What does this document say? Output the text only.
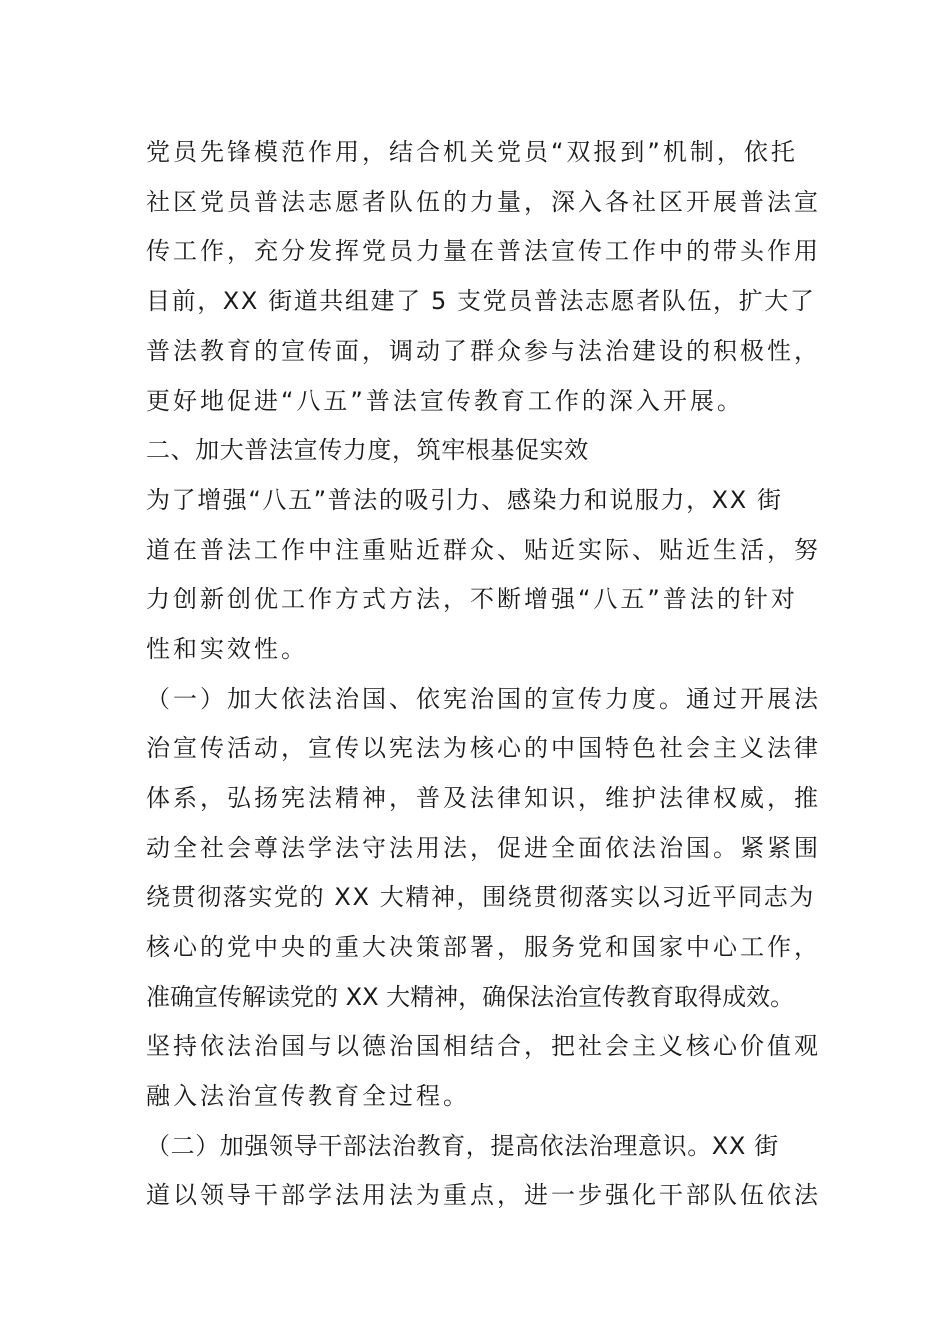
党员先锋模范作用，结合机关党员“双报到”机制，依托

社区党员普法志愿者队伍的力量，深入各社区开展普法宣

传工作，充分发挥党员力量在普法宣传工作中的带头作用

目前，XX 街道共组建了 5 支党员普法志愿者队伍，扩大了

普法教育的宣传面，调动了群众参与法治建设的积极性，

更好地促进“八五”普法宣传教育工作的深入开展。

二、加大普法宣传力度，筑牢根基促实效

为了增强“八五”普法的吸引力、感染力和说服力，XX 街

道在普法工作中注重贴近群众、贴近实际、贴近生活，努

力创新创优工作方式方法，不断增强“八五”普法的针对

性和实效性。

（一）加大依法治国、依宪治国的宣传力度。通过开展法

治宣传活动，宣传以宪法为核心的中国特色社会主义法律

体系，弘扬宪法精神，普及法律知识，维护法律权威，推

动全社会尊法学法守法用法，促进全面依法治国。紧紧围

绕贯彻落实党的 XX 大精神，围绕贯彻落实以习近平同志为

核心的党中央的重大决策部署，服务党和国家中心工作，

准确宣传解读党的 XX 大精神，确保法治宣传教育取得成效。

坚持依法治国与以德治国相结合，把社会主义核心价值观

融入法治宣传教育全过程。

（二）加强领导干部法治教育，提高依法治理意识。XX 街

道以领导干部学法用法为重点，进一步强化干部队伍依法
